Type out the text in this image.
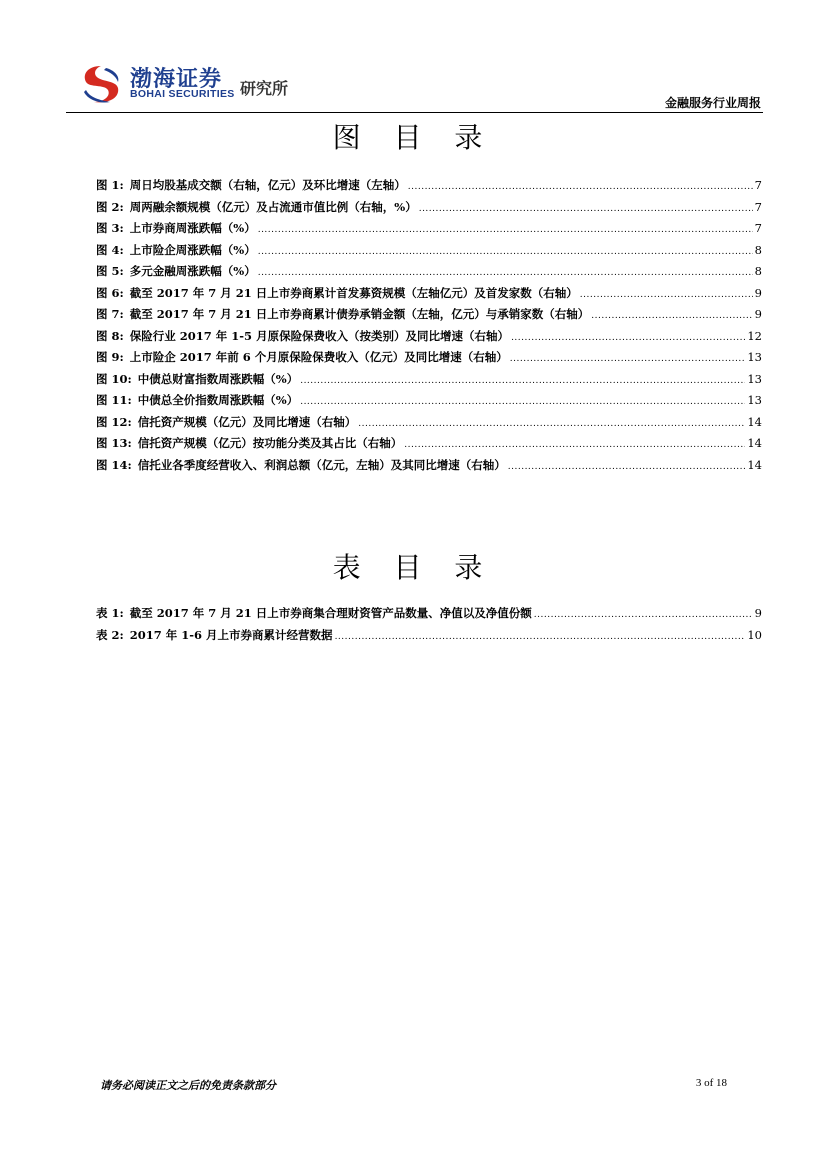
渤海证券
BOHAI SECURITIES 研究所
金融服务行业周报
图 目 录
图 1: 周日均股基成交额（右轴，亿元）及环比增速（左轴） .....	7
图 2: 周两融余额规模（亿元）及占流通市值比例（右轴，%） .....	7
图 3: 上市券商周涨跌幅（%） .....	7
图 4: 上市险企周涨跌幅（%） .....	8
图 5: 多元金融周涨跌幅（%） .....	8
图 6: 截至 2017 年 7 月 21 日上市券商累计首发募资规模（左轴亿元）及首发家数（右轴） .....	9
图 7: 截至 2017 年 7 月 21 日上市券商累计债券承销金额（左轴，亿元）与承销家数（右轴） .....	9
图 8: 保险行业 2017 年 1-5 月原保险保费收入（按类别）及同比增速（右轴） .....	12
图 9: 上市险企 2017 年前 6 个月原保险保费收入（亿元）及同比增速（右轴） .....	13
图 10: 中债总财富指数周涨跌幅（%） .....	13
图 11: 中债总全价指数周涨跌幅（%） .....	13
图 12: 信托资产规模（亿元）及同比增速（右轴） .....	14
图 13: 信托资产规模（亿元）按功能分类及其占比（右轴） .....	14
图 14: 信托业各季度经营收入、利润总额（亿元，左轴）及其同比增速（右轴） .....	14
表 目 录
表 1: 截至 2017 年 7 月 21 日上市券商集合理财资管产品数量、净值以及净值份额 .....	9
表 2: 2017 年 1-6 月上市券商累计经营数据 .....	10
请务必阅读正文之后的免责条款部分	3 of 18
